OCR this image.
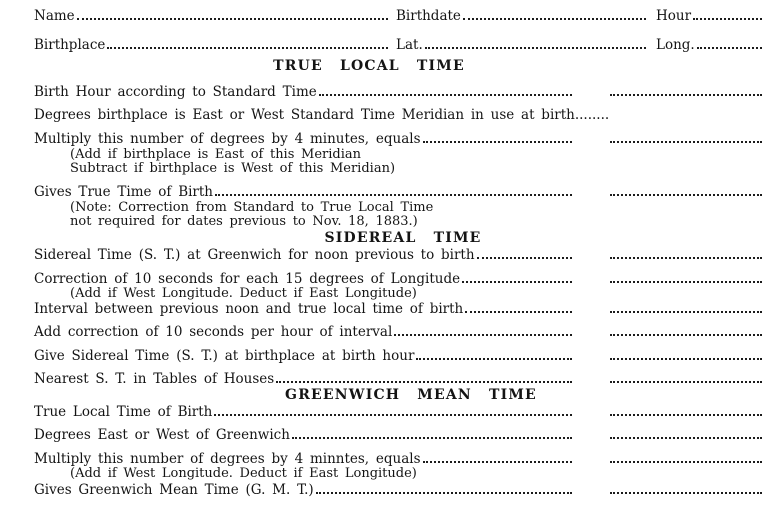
Name	Birthdate	Hour
Birthplace	Lat.	Long.
TRUE LOCAL TIME
Birth Hour according to Standard Time
Degrees birthplace is East or West Standard Time Meridian in use at birth........
Multiply this number of degrees by 4 minutes, equals
(Add if birthplace is East of this Meridian
Subtract if birthplace is West of this Meridian)
Gives True Time of Birth
(Note: Correction from Standard to True Local Time
not required for dates previous to Nov. 18, 1883.)
SIDEREAL TIME
Sidereal Time (S. T.) at Greenwich for noon previous to birth
Correction of 10 seconds for each 15 degrees of Longitude
(Add if West Longitude. Deduct if East Longitude)
Interval between previous noon and true local time of birth
Add correction of 10 seconds per hour of interval
Give Sidereal Time (S. T.) at birthplace at birth hour
Nearest S. T. in Tables of Houses
GREENWICH MEAN TIME
True Local Time of Birth
Degrees East or West of Greenwich
Multiply this number of degrees by 4 minntes, equals
(Add if West Longitude. Deduct if East Longitude)
Gives Greenwich Mean Time (G. M. T.)
